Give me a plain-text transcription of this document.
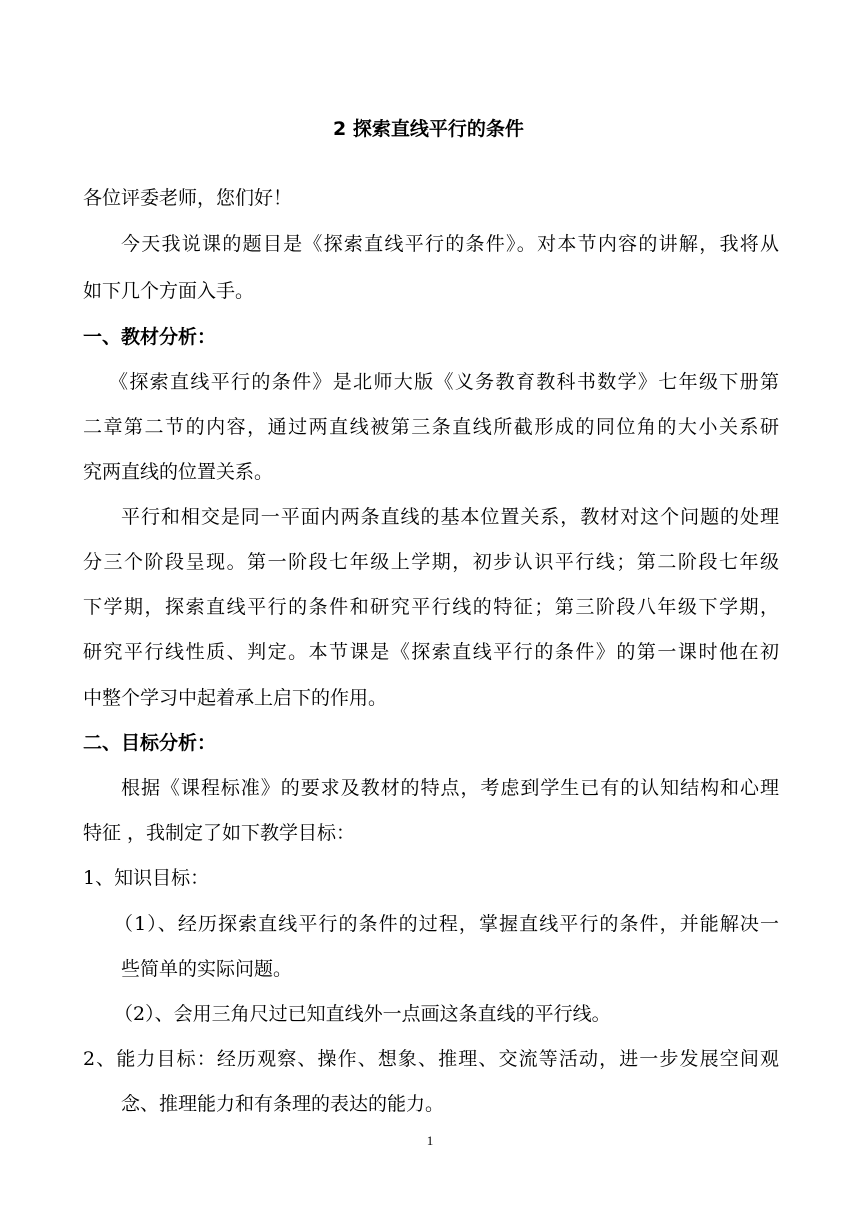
2 探索直线平行的条件
各位评委老师，您们好！
今天我说课的题目是《探索直线平行的条件》。对本节内容的讲解，我将从
如下几个方面入手。
一、教材分析：
《探索直线平行的条件》是北师大版《义务教育教科书数学》七年级下册第
二章第二节的内容，通过两直线被第三条直线所截形成的同位角的大小关系研
究两直线的位置关系。
平行和相交是同一平面内两条直线的基本位置关系，教材对这个问题的处理
分三个阶段呈现。第一阶段七年级上学期，初步认识平行线；第二阶段七年级
下学期，探索直线平行的条件和研究平行线的特征；第三阶段八年级下学期，
研究平行线性质、判定。本节课是《探索直线平行的条件》的第一课时他在初
中整个学习中起着承上启下的作用。
二、目标分析：
根据《课程标准》的要求及教材的特点，考虑到学生已有的认知结构和心理
特征 ，我制定了如下教学目标：
1、知识目标：
（1）、经历探索直线平行的条件的过程，掌握直线平行的条件，并能解决一
些简单的实际问题。
（2）、会用三角尺过已知直线外一点画这条直线的平行线。
2、能力目标：经历观察、操作、想象、推理、交流等活动，进一步发展空间观
念、推理能力和有条理的表达的能力。
1
